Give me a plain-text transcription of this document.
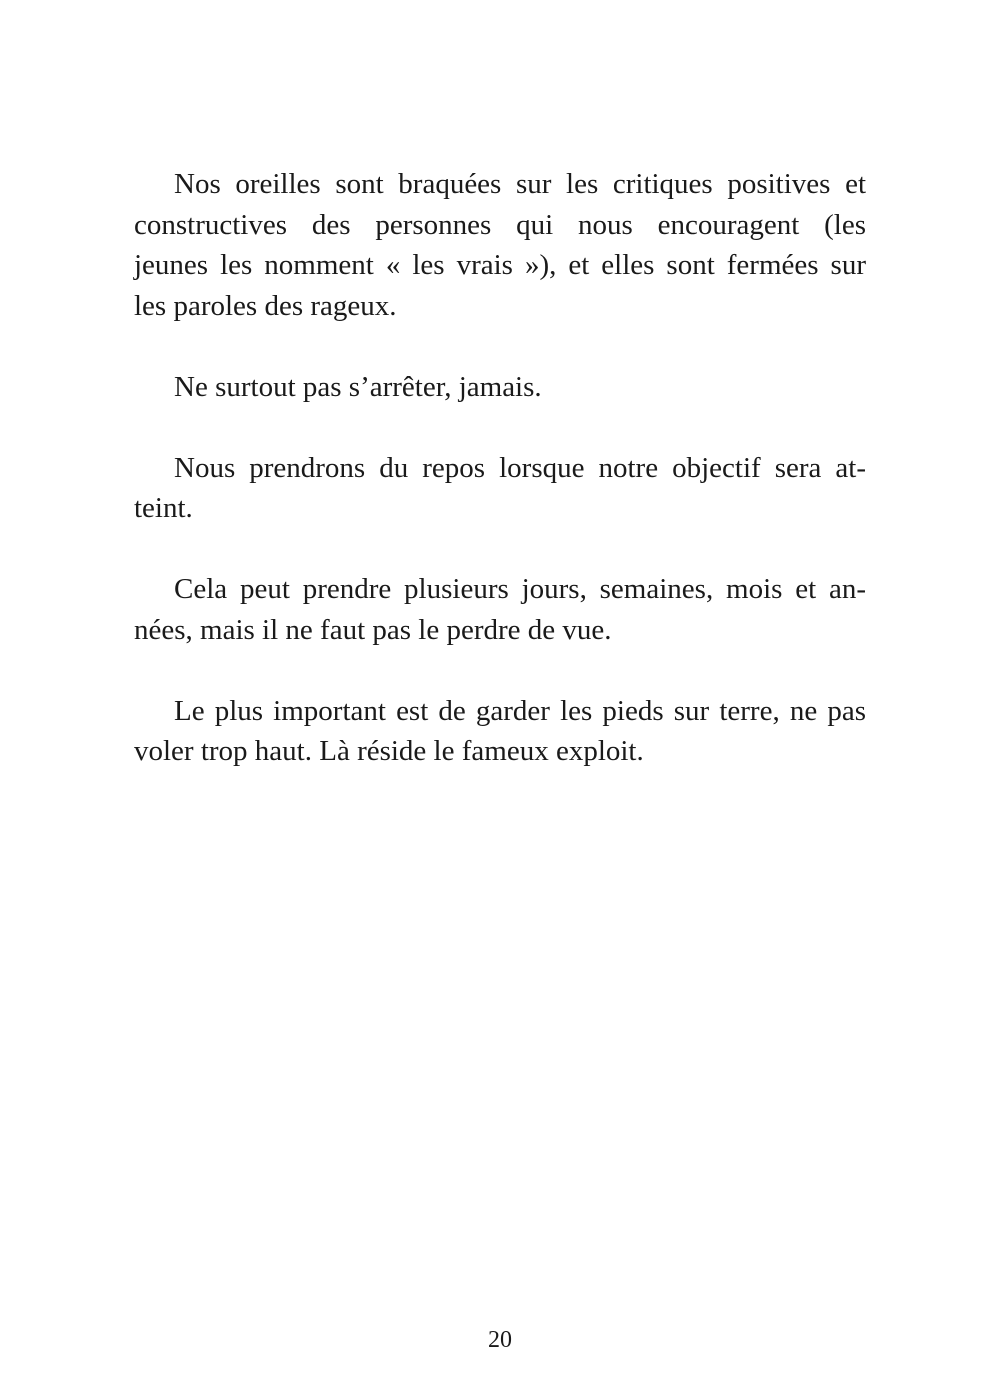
Nos oreilles sont braquées sur les critiques positives et
constructives des personnes qui nous encouragent (les
jeunes les nomment « les vrais »), et elles sont fermées sur
les paroles des rageux.

Ne surtout pas s’arrêter, jamais.

Nous prendrons du repos lorsque notre objectif sera at-
teint.

Cela peut prendre plusieurs jours, semaines, mois et an-
nées, mais il ne faut pas le perdre de vue.

Le plus important est de garder les pieds sur terre, ne pas
voler trop haut. Là réside le fameux exploit.

20
